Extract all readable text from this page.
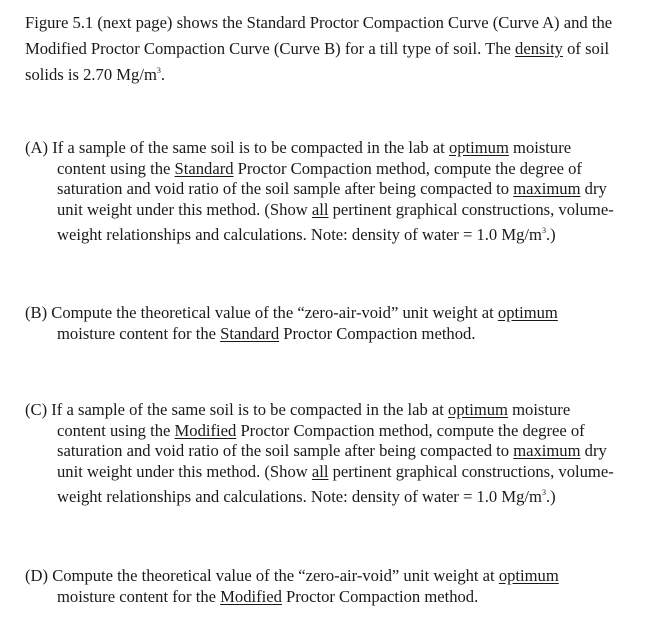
Figure 5.1 (next page) shows the Standard Proctor Compaction Curve (Curve A) and the
Modified Proctor Compaction Curve (Curve B) for a till type of soil. The density of soil
solids is 2.70 $Mg/m^3$.
(A) If a sample of the same soil is to be compacted in the lab at optimum moisture
content using the Standard Proctor Compaction method, compute the degree of
saturation and void ratio of the soil sample after being compacted to maximum dry
unit weight under this method. (Show all pertinent graphical constructions, volume-
weight relationships and calculations. Note: density of water = 1.0 $Mg/m^3$.)
(B) Compute the theoretical value of the “zero-air-void” unit weight at optimum
moisture content for the Standard Proctor Compaction method.
(C) If a sample of the same soil is to be compacted in the lab at optimum moisture
content using the Modified Proctor Compaction method, compute the degree of
saturation and void ratio of the soil sample after being compacted to maximum dry
unit weight under this method. (Show all pertinent graphical constructions, volume-
weight relationships and calculations. Note: density of water = 1.0 $Mg/m^3$.)
(D) Compute the theoretical value of the “zero-air-void” unit weight at optimum
moisture content for the Modified Proctor Compaction method.
